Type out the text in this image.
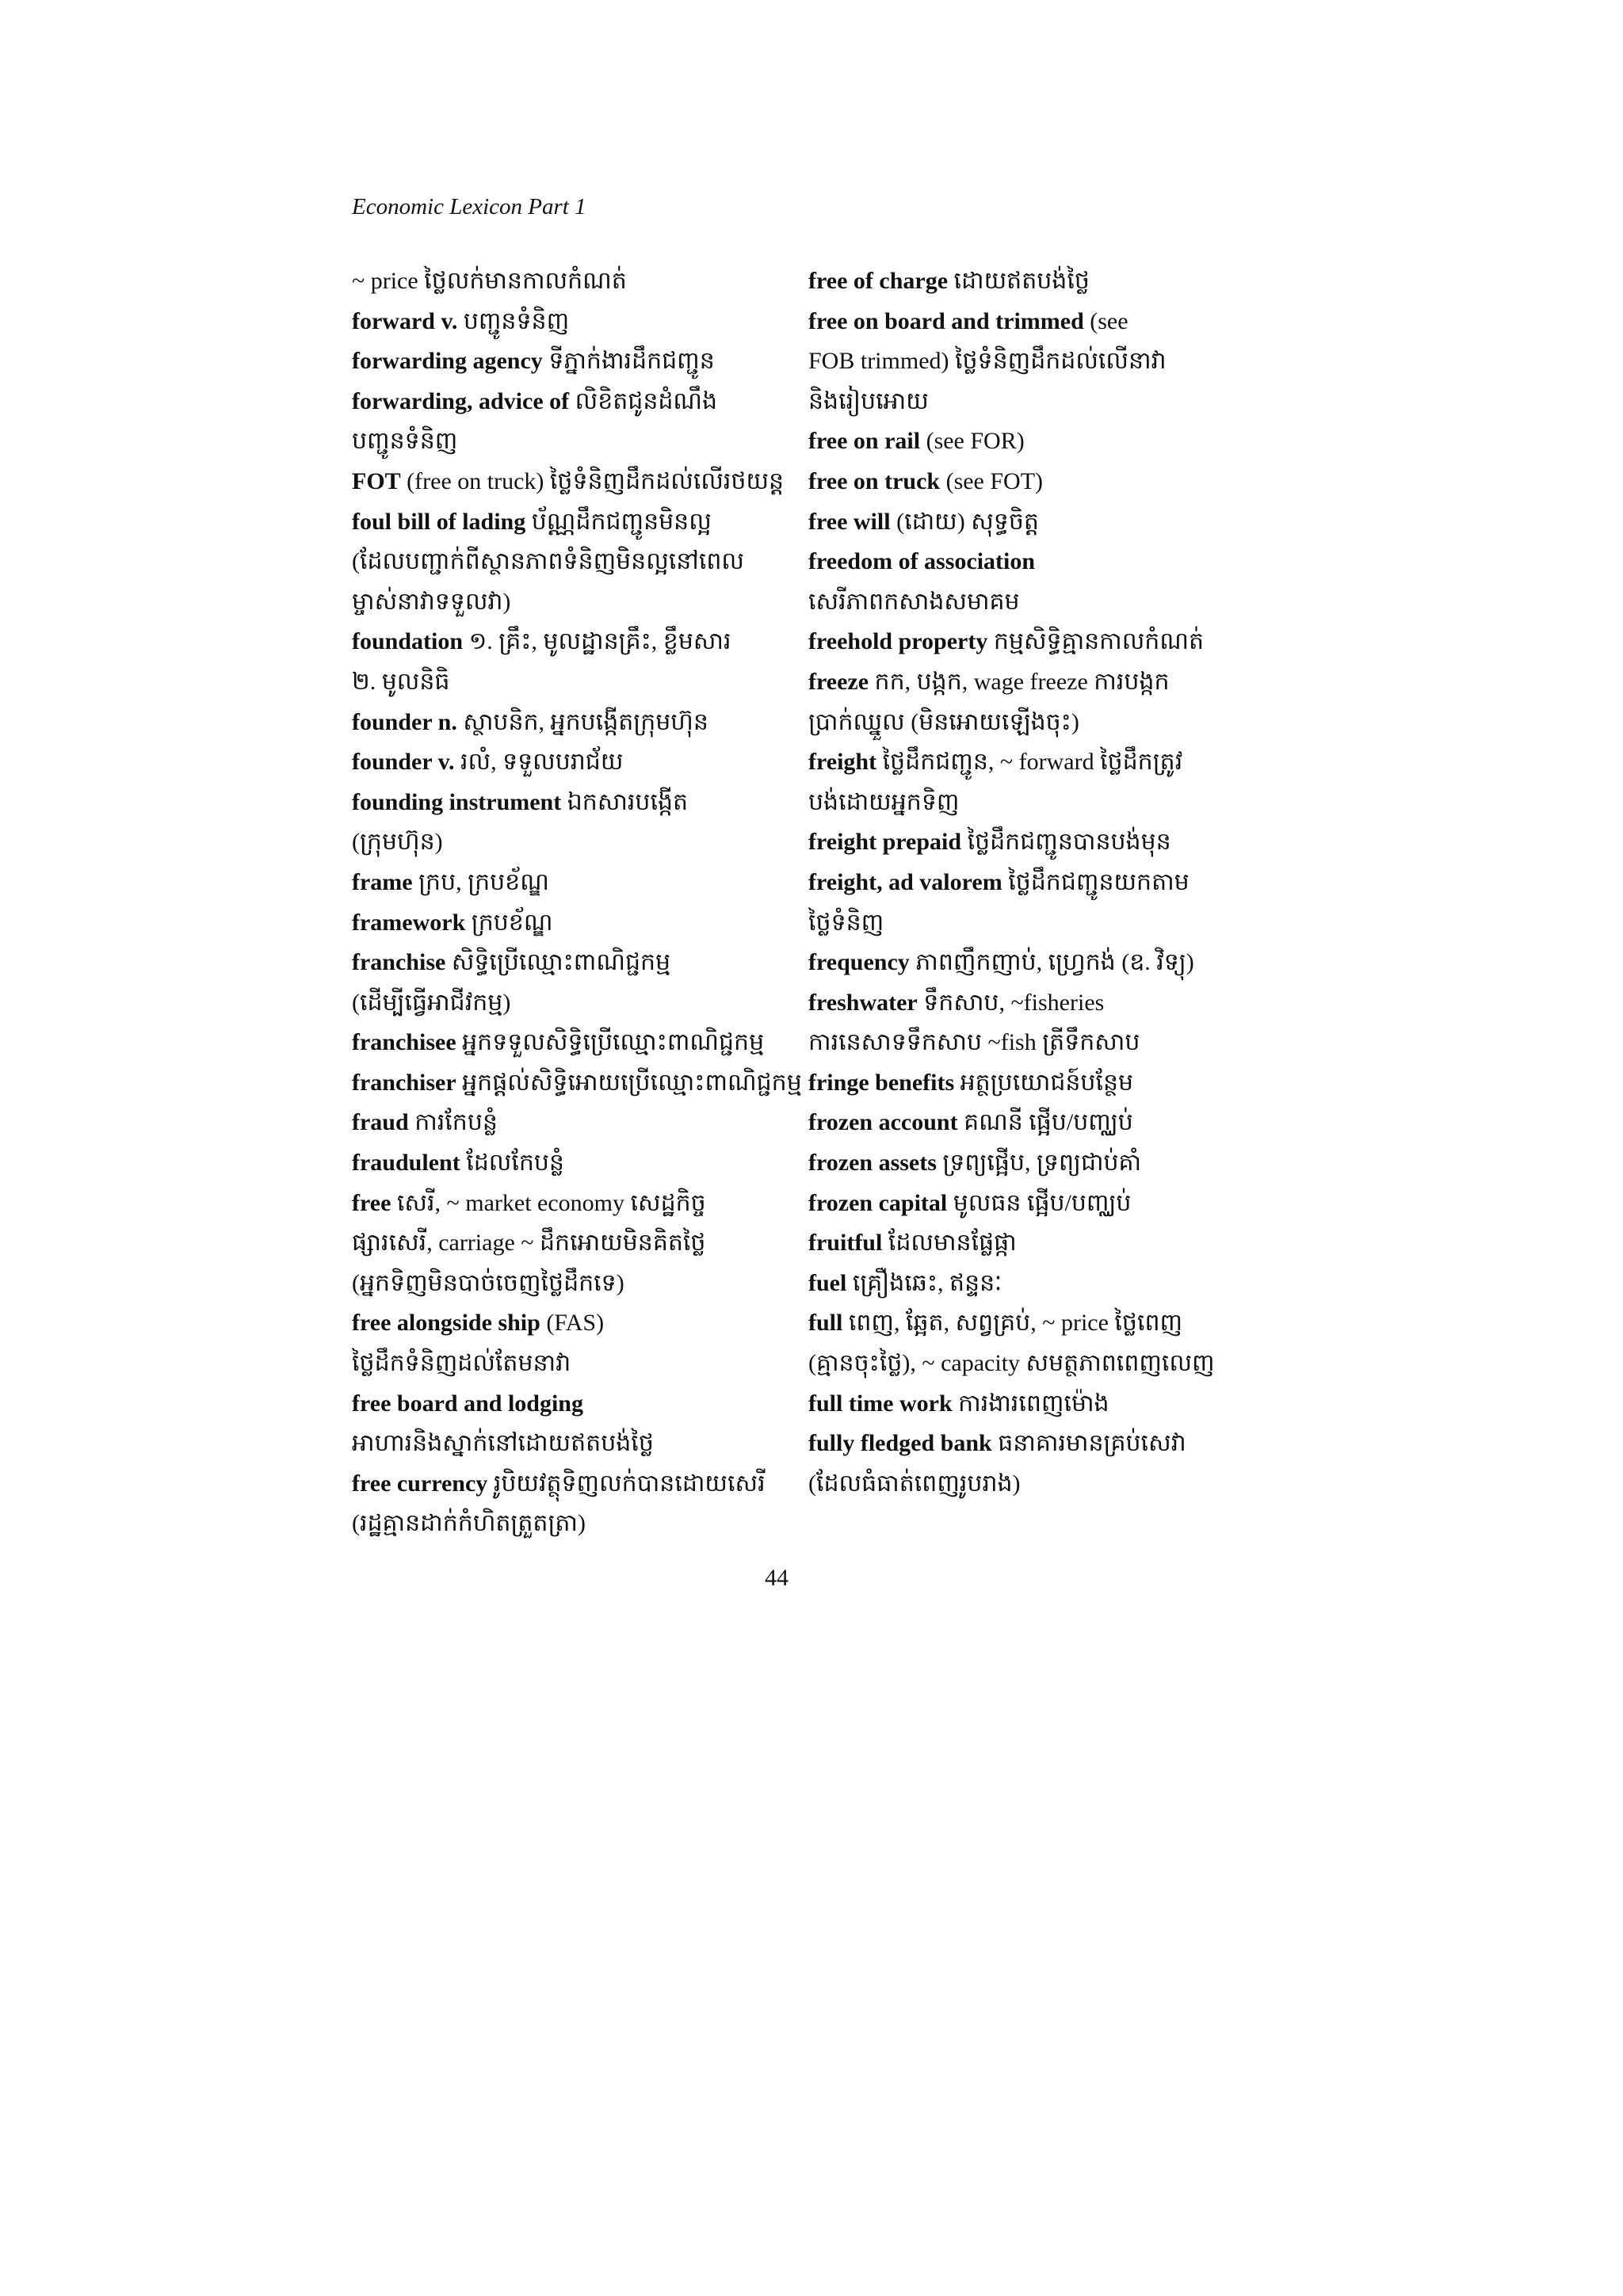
Economic Lexicon Part 1
~ price ថ្លៃលក់មានកាលកំណត់
forward v. បញ្ជូនទំនិញ
forwarding agency ទីភ្នាក់ងារដឹកជញ្ជូន
forwarding, advice of លិខិតជូនដំណឹង
បញ្ជូនទំនិញ
FOT (free on truck) ថ្លៃទំនិញដឹកដល់លើរថយន្ត
foul bill of lading ប័ណ្ណដឹកជញ្ជូនមិនល្អ
(ដែលបញ្ជាក់ពីស្ថានភាពទំនិញមិនល្អនៅពេល
ម្ចាស់នាវាទទួលវា)
foundation ១. គ្រឹះ, មូលដ្ឋានគ្រឹះ, ខ្លឹមសារ
២. មូលនិធិ
founder n. ស្ថាបនិក, អ្នកបង្កើតក្រុមហ៊ុន
founder v. រលំ, ទទួលបរាជ័យ
founding instrument ឯកសារបង្កើត
(ក្រុមហ៊ុន)
frame ក្រប, ក្របខ័ណ្ឌ
framework ក្របខ័ណ្ឌ
franchise សិទ្ធិប្រើឈ្មោះពាណិជ្ជកម្ម
(ដើម្បីធ្វើអាជីវកម្ម)
franchisee អ្នកទទួលសិទ្ធិប្រើឈ្មោះពាណិជ្ជកម្ម
franchiser អ្នកផ្តល់សិទ្ធិអោយប្រើឈ្មោះពាណិជ្ជកម្ម
fraud ការកែបន្លំ
fraudulent ដែលកែបន្លំ
free សេរី, ~ market economy សេដ្ឋកិច្ច
ផ្សារសេរី, carriage ~ ដឹកអោយមិនគិតថ្លៃ
(អ្នកទិញមិនបាច់ចេញថ្លៃដឹកទេ)
free alongside ship (FAS)
ថ្លៃដឹកទំនិញដល់តែមនាវា
free board and lodging
អាហារនិងស្នាក់នៅដោយឥតបង់ថ្លៃ
free currency រូបិយវត្ថុទិញលក់បានដោយសេរី
(រដ្ឋគ្មានដាក់កំហិតត្រួតត្រា)
free of charge ដោយឥតបង់ថ្លៃ
free on board and trimmed (see
FOB trimmed) ថ្លៃទំនិញដឹកដល់លើនាវា
និងរៀបអោយ
free on rail (see FOR)
free on truck (see FOT)
free will (ដោយ) សុទ្ធចិត្ត
freedom of association
សេរីភាពកសាងសមាគម
freehold property កម្មសិទ្ធិគ្មានកាលកំណត់
freeze កក, បង្កក, wage freeze ការបង្កក
ប្រាក់ឈ្នួល (មិនអោយឡើងចុះ)
freight ថ្លៃដឹកជញ្ជូន, ~ forward ថ្លៃដឹកត្រូវ
បង់ដោយអ្នកទិញ
freight prepaid ថ្លៃដឹកជញ្ជូនបានបង់មុន
freight, ad valorem ថ្លៃដឹកជញ្ជូនយកតាម
ថ្លៃទំនិញ
frequency ភាពញឹកញាប់, ហ្វ្រេកង់ (ឧ. វិទ្យុ)
freshwater ទឹកសាប, ~fisheries
ការនេសាទទឹកសាប ~fish ត្រីទឹកសាប
fringe benefits អត្ថប្រយោជន៍បន្ថែម
frozen account គណនី ផ្អើប/បញ្ឈប់
frozen assets ទ្រព្យផ្អើប, ទ្រព្យជាប់គាំ
frozen capital មូលធន ផ្អើប/បញ្ឈប់
fruitful ដែលមានផ្លែផ្កា
fuel គ្រឿងឆេះ, ឥន្ទនៈ
full ពេញ, ឆ្អែត, សព្វគ្រប់, ~ price ថ្លៃពេញ
(គ្មានចុះថ្លៃ), ~ capacity សមត្ថភាពពេញលេញ
full time work ការងារពេញម៉ោង
fully fledged bank ធនាគារមានគ្រប់សេវា
(ដែលធំធាត់ពេញរូបរាង)
44
